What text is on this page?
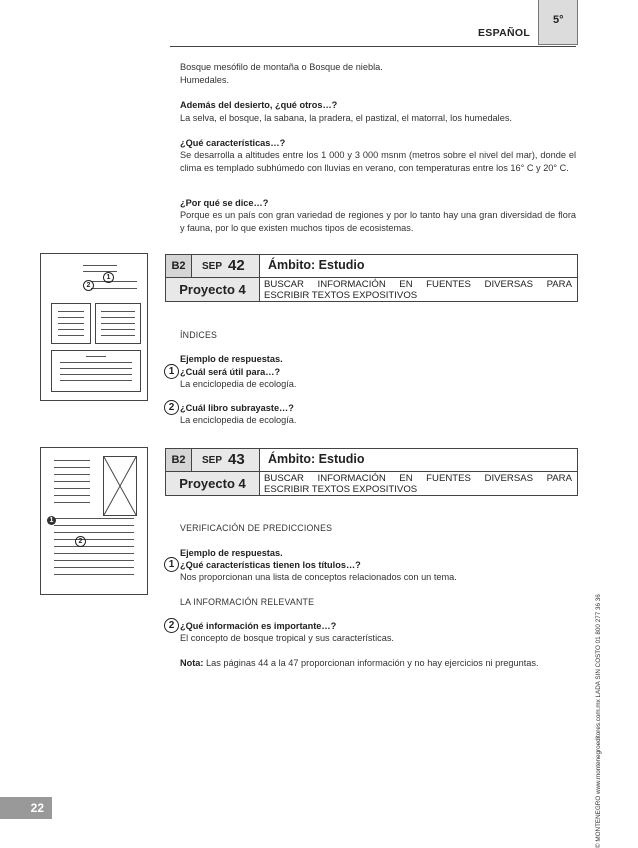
ESPAÑOL
5°
Bosque mesófilo de montaña o Bosque de niebla.
Humedales.
Además del desierto, ¿qué otros…?
La selva, el bosque, la sabana, la pradera, el pastizal, el matorral, los humedales.
¿Qué características…?
Se desarrolla a altitudes entre los 1 000 y 3 000 msnm (metros sobre el nivel del mar), donde el clima es templado subhúmedo con lluvias en verano, con temperaturas entre los 16° C y 20° C.
¿Por qué se dice…?
Porque es un país con gran variedad de regiones y por lo tanto hay una gran diversidad de flora y fauna, por lo que existen muchos tipos de ecosistemas.
1
2
B2	SEP 42 Ámbito: Estudio
Proyecto 4	BUSCAR INFORMACIÓN EN FUENTES DIVERSAS PARA
ESCRIBIR TEXTOS EXPOSITIVOS
ÍNDICES
Ejemplo de respuestas.
1 ¿Cuál será útil para…?
La enciclopedia de ecología.
2 ¿Cuál libro subrayaste…?
La enciclopedia de ecología.
1
2
B2	SEP 43 Ámbito: Estudio
Proyecto 4	BUSCAR INFORMACIÓN EN FUENTES DIVERSAS PARA
ESCRIBIR TEXTOS EXPOSITIVOS
VERIFICACIÓN DE PREDICCIONES
Ejemplo de respuestas.
1 ¿Qué características tienen los títulos…?
Nos proporcionan una lista de conceptos relacionados con un tema.
LA INFORMACIÓN RELEVANTE
2 ¿Qué información es importante…?
El concepto de bosque tropical y sus características.
Nota: Las páginas 44 a la 47 proporcionan información y no hay ejercicios ni preguntas.	© MONTENEGRO www.montenegroeditores.com.mx LADA SIN COSTO 01 800 277 36 36
22
